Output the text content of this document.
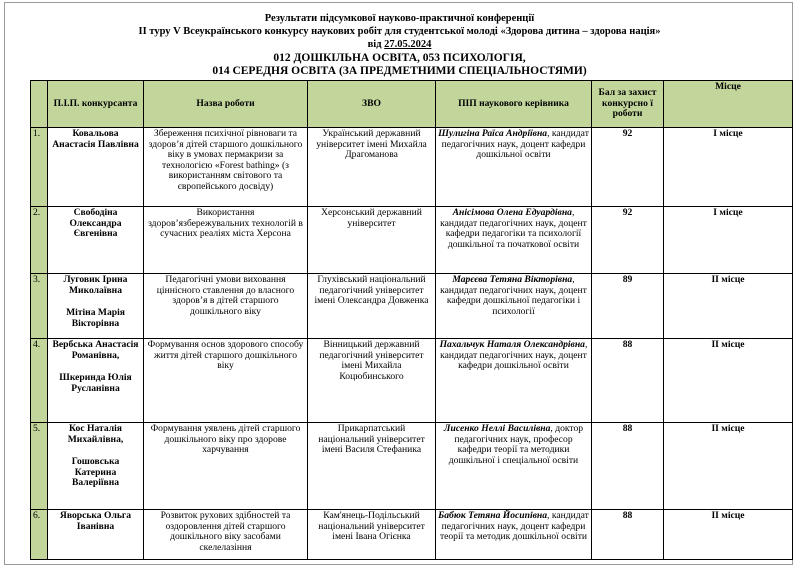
Результати підсумкової науково-практичної конференції
ІІ туру V Всеукраїнського конкурсу наукових робіт для студентської молоді «Здорова дитина – здорова нація»
від 27.05.2024
012 ДОШКІЛЬНА ОСВІТА, 053 ПСИХОЛОГІЯ,
014 СЕРЕДНЯ ОСВІТА (ЗА ПРЕДМЕТНИМИ СПЕЦІАЛЬНОСТЯМИ)
	П.І.П. конкурсанта	Назва роботи	ЗВО	ПІП наукового керівника	Бал за захист конкурсно ї роботи	Місце
1.	Ковальова Анастасія Павлівна	Збереження психічної рівноваги та здоров’я дітей старшого дошкільного віку в умовах пермакризи за технологією «Forest bathing» (з використанням світового та європейського досвіду)	Український державний університет імені Михайла Драгоманова	Шулигіна Раїса Андріївна, кандидат педагогічних наук, доцент кафедри дошкільної освіти	92	І місце
2.	Свободіна Олександра Євгенівна	Використання здоров’язбережувальних технологій в сучасних реаліях міста Херсона	Херсонський державний університет	Анісімова Олена Едуардівна, кандидат педагогічних наук, доцент кафедри педагогіки та психології дошкільної та початкової освіти	92	І місце
3.	Луговик Ірина Миколаївна
Мітіна Марія Вікторівна	Педагогічні умови виховання ціннісного ставлення до власного здоров’я в дітей старшого дошкільного віку	Глухівський національний педагогічний університет імені Олександра Довженка	Марєєва Тетяна Вікторівна, кандидат педагогічних наук, доцент кафедри дошкільної педагогіки і психології	89	ІІ місце
4.	Вербська Анастасія Романівна,
Шкеринда Юлія Русланівна	Формування основ здорового способу життя дітей старшого дошкільного віку	Вінницький державний педагогічний університет імені Михайла Коцюбинського	Пахальчук Наталя Олександрівна, кандидат педагогічних наук, доцент кафедри дошкільної освіти	88	ІІ місце
5.	Кос Наталія Михайлівна,
Гошовська Катерина Валеріївна	Формування уявлень дітей старшого дошкільного віку про здорове харчування	Прикарпатський національний університет імені Василя Стефаника	Лисенко Неллі Василівна, доктор педагогічних наук, професор кафедри теорії та методики дошкільної і спеціальної освіти	88	ІІ місце
6.	Яворська Ольга Іванівна	Розвиток рухових здібностей та оздоровлення дітей старшого дошкільного віку засобами скелелазіння	Кам'янець-Подільський національний університет імені Івана Огієнка	Бабюк Тетяна Йосипівна, кандидат педагогічних наук, доцент кафедри теорії та методик дошкільної освіти	88	ІІ місце
